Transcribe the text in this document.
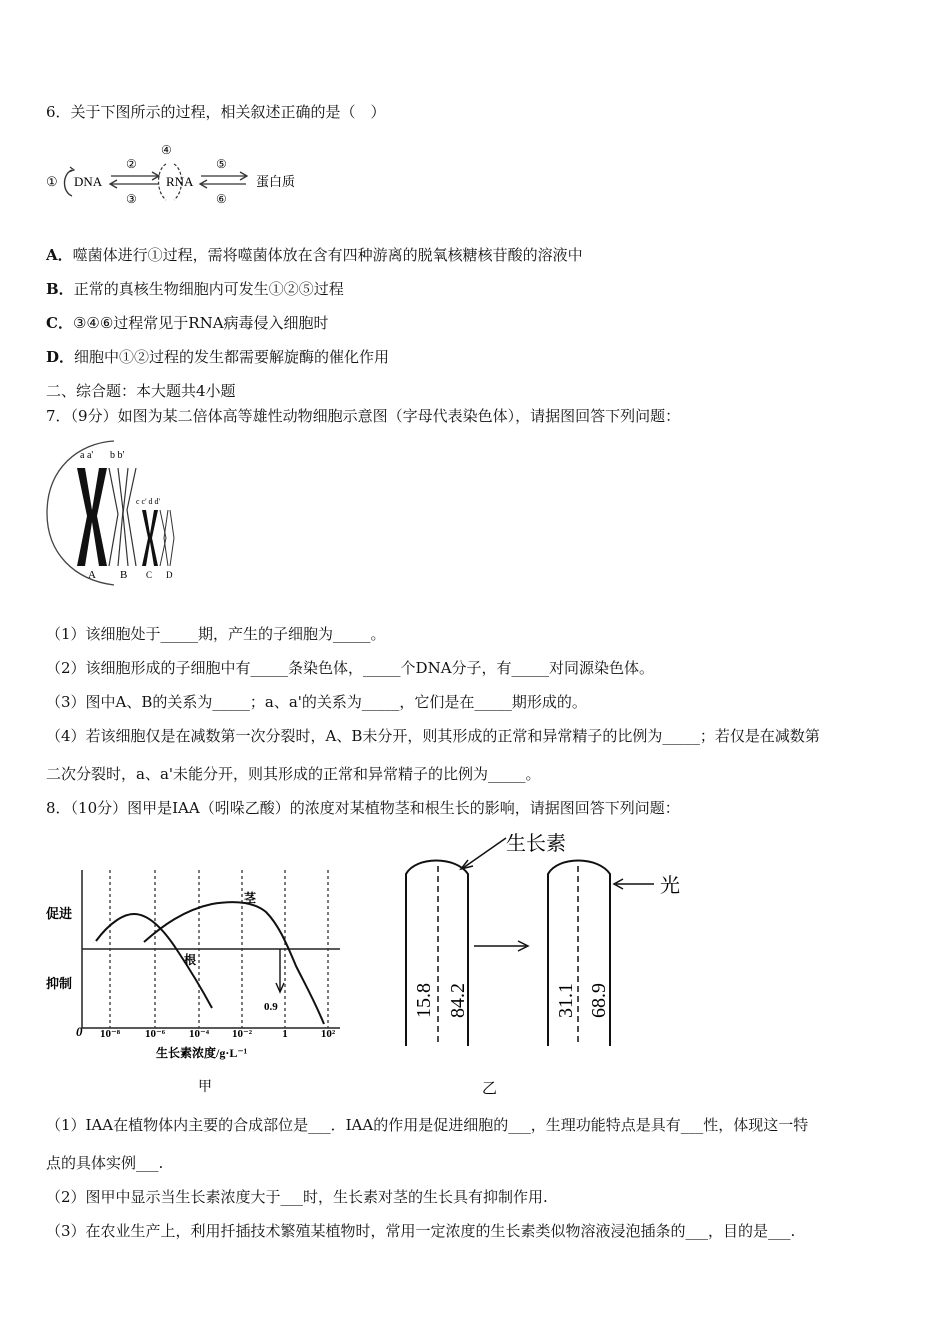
6．关于下图所示的过程，相关叙述正确的是（　）
① DNA
②
③
④
RNA
⑤
⑥
蛋白质
A．噬菌体进行①过程，需将噬菌体放在含有四种游离的脱氧核糖核苷酸的溶液中
B．正常的真核生物细胞内可发生①②⑤过程
C．③④⑥过程常见于RNA病毒侵入细胞时
D．细胞中①②过程的发生都需要解旋酶的催化作用
二、综合题：本大题共4小题
7．（9分）如图为某二倍体高等雄性动物细胞示意图（字母代表染色体），请据图回答下列问题：
a a' b b'
c c' d d'
A B C D
（1）该细胞处于_____期，产生的子细胞为_____。
（2）该细胞形成的子细胞中有_____条染色体，_____个DNA分子，有_____对同源染色体。
（3）图中A、B的关系为_____；a、a'的关系为_____，它们是在_____期形成的。
（4）若该细胞仅是在减数第一次分裂时，A、B未分开，则其形成的正常和异常精子的比例为_____；若仅是在减数第
二次分裂时，a、a'未能分开，则其形成的正常和异常精子的比例为_____。
8．（10分）图甲是IAA（吲哚乙酸）的浓度对某植物茎和根生长的影响，请据图回答下列问题：
促进
抑制
0
茎
根
0.9
10⁻⁸ 10⁻⁶ 10⁻⁴ 10⁻²	1	10²
生长素浓度/g·L⁻¹
甲
生长素
15.8 84.2
光
31.1 68.9
乙
（1）IAA在植物体内主要的合成部位是___．IAA的作用是促进细胞的___，生理功能特点是具有___性，体现这一特
点的具体实例___.
（2）图甲中显示当生长素浓度大于___时，生长素对茎的生长具有抑制作用.
（3）在农业生产上，利用扦插技术繁殖某植物时，常用一定浓度的生长素类似物溶液浸泡插条的___，目的是___.
